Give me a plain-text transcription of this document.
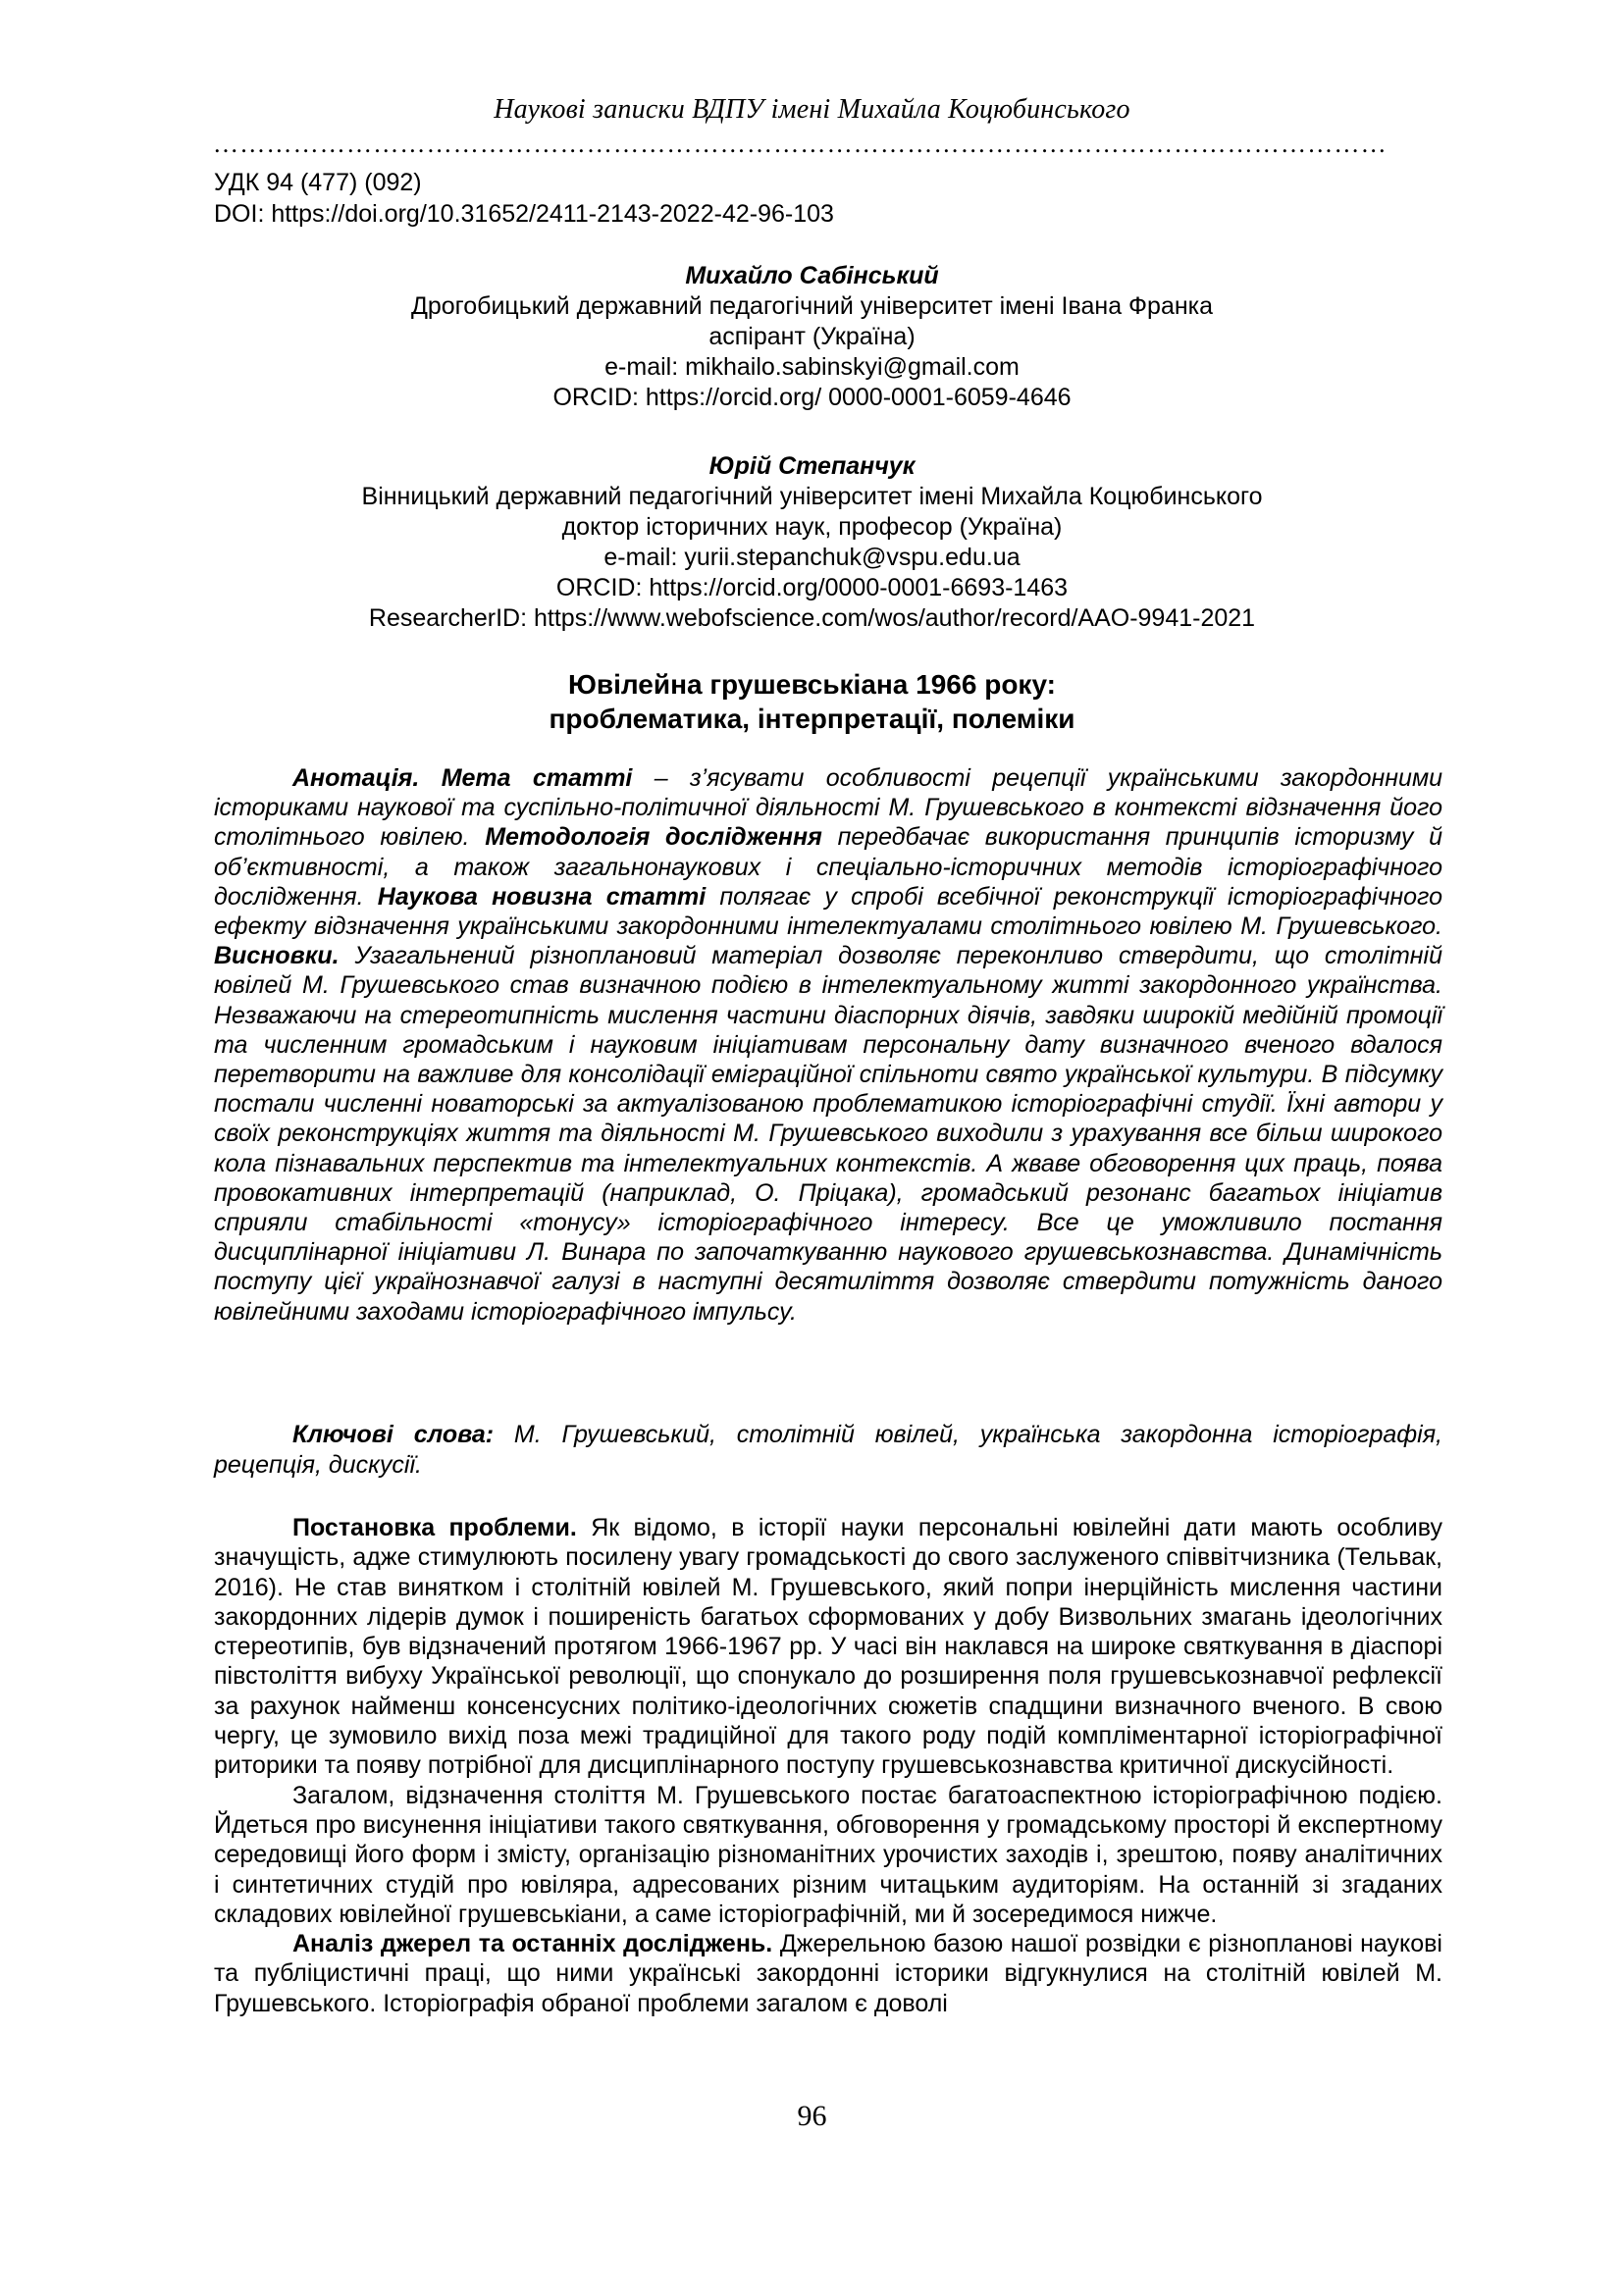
Наукові записки ВДПУ імені Михайла Коцюбинського
……………………………………………………………………………………………………………………
УДК 94 (477) (092)
DOI: https://doi.org/10.31652/2411-2143-2022-42-96-103
Михайло Сабінський
Дрогобицький державний педагогічний університет імені Івана Франка
аспірант (Україна)
e-mail: mikhailo.sabinskyi@gmail.com
ORCID: https://orcid.org/ 0000-0001-6059-4646
Юрій Степанчук
Вінницький державний педагогічний університет імені Михайла Коцюбинського
доктор історичних наук, професор (Україна)
e-mail: yurii.stepanchuk@vspu.edu.ua
ORCID: https://orcid.org/0000-0001-6693-1463
ResearcherID: https://www.webofscience.com/wos/author/record/AAO-9941-2021
Ювілейна грушевськіана 1966 року:
проблематика, інтерпретації, полеміки

Анотація. Мета статті – з’ясувати особливості рецепції українськими закордонними істориками наукової та суспільно-політичної діяльності М. Грушевського в контексті відзначення його столітнього ювілею. Методологія дослідження передбачає використання принципів історизму й об’єктивності, а також загальнонаукових і спеціально-історичних методів історіографічного дослідження. Наукова новизна статті полягає у спробі всебічної реконструкції історіографічного ефекту відзначення українськими закордонними інтелектуалами столітнього ювілею М. Грушевського. Висновки. Узагальнений різноплановий матеріал дозволяє переконливо ствердити, що столітній ювілей М. Грушевського став визначною подією в інтелектуальному житті закордонного українства. Незважаючи на стереотипність мислення частини діаспорних діячів, завдяки широкій медійній промоції та численним громадським і науковим ініціативам персональну дату визначного вченого вдалося перетворити на важливе для консолідації еміграційної спільноти свято української культури. В підсумку постали численні новаторські за актуалізованою проблематикою історіографічні студії. Їхні автори у своїх реконструкціях життя та діяльності М. Грушевського виходили з урахування все більш широкого кола пізнавальних перспектив та інтелектуальних контекстів. А жваве обговорення цих праць, поява провокативних інтерпретацій (наприклад, О. Пріцака), громадський резонанс багатьох ініціатив сприяли стабільності «тонусу» історіографічного інтересу. Все це уможливило постання дисциплінарної ініціативи Л. Винара по започаткуванню наукового грушевськознавства. Динамічність поступу цієї українознавчої галузі в наступні десятиліття дозволяє ствердити потужність даного ювілейними заходами історіографічного імпульсу.

Ключові слова: М. Грушевський, столітній ювілей, українська закордонна історіографія, рецепція, дискусії.

Постановка проблеми. Як відомо, в історії науки персональні ювілейні дати мають особливу значущість, адже стимулюють посилену увагу громадськості до свого заслуженого співвітчизника (Тельвак, 2016). Не став винятком і столітній ювілей М. Грушевського, який попри інерційність мислення частини закордонних лідерів думок і поширеність багатьох сформованих у добу Визвольних змагань ідеологічних стереотипів, був відзначений протягом 1966-1967 рр. У часі він наклався на широке святкування в діаспорі півстоліття вибуху Української революції, що спонукало до розширення поля грушевськознавчої рефлексії за рахунок найменш консенсусних політико-ідеологічних сюжетів спадщини визначного вченого. В свою чергу, це зумовило вихід поза межі традиційної для такого роду подій компліментарної історіографічної риторики та появу потрібної для дисциплінарного поступу грушевськознавства критичної дискусійності.

Загалом, відзначення століття М. Грушевського постає багатоаспектною історіографічною подією. Йдеться про висунення ініціативи такого святкування, обговорення у громадському просторі й експертному середовищі його форм і змісту, організацію різноманітних урочистих заходів і, зрештою, появу аналітичних і синтетичних студій про ювіляра, адресованих різним читацьким аудиторіям. На останній зі згаданих складових ювілейної грушевськіани, а саме історіографічній, ми й зосередимося нижче.

Аналіз джерел та останніх досліджень. Джерельною базою нашої розвідки є різнопланові наукові та публіцистичні праці, що ними українські закордонні історики відгукнулися на столітній ювілей М. Грушевського. Історіографія обраної проблеми загалом є доволі

96
